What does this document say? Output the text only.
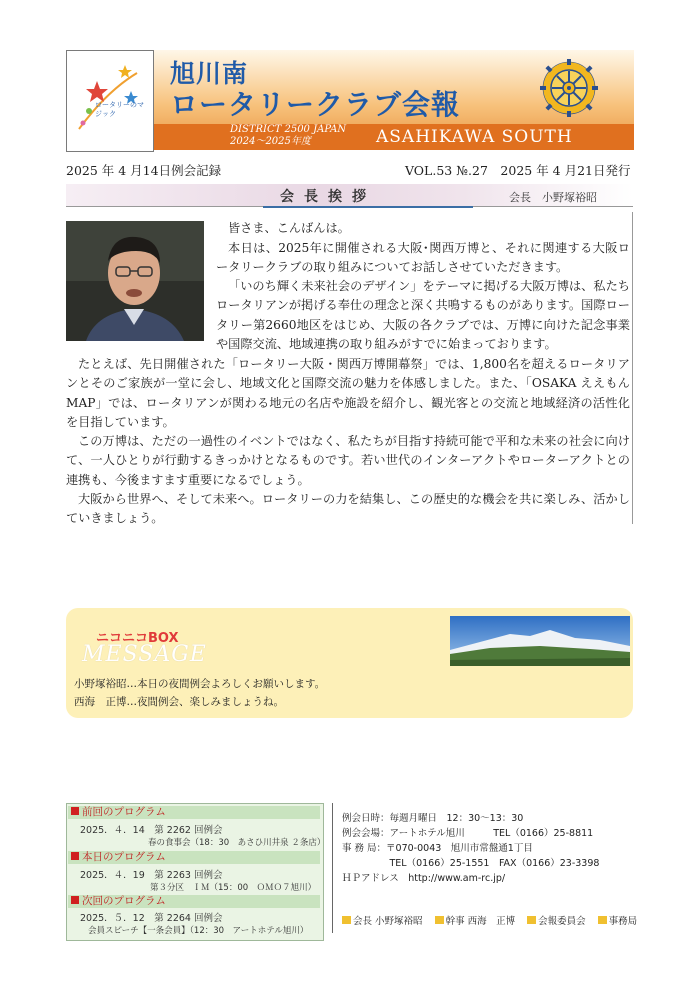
ロータリーのマジック
旭川南
ロータリークラブ会報
DISTRICT 2500 JAPAN
2024～2025年度	ASAHIKAWA SOUTH
2025 年 4 月14日例会記録	VOL.53 №.27　2025 年 4 月21日発行
会長挨拶	会長　小野塚裕昭

皆さま、こんばんは。

本日は、2025年に開催される大阪･関西万博と、それに関連する大阪ロータリークラブの取り組みについてお話しさせていただきます。

「いのち輝く未来社会のデザイン」をテーマに掲げる大阪万博は、私たちロータリアンが掲げる奉仕の理念と深く共鳴するものがあります。国際ロータリー第2660地区をはじめ、大阪の各クラブでは、万博に向けた記念事業や国際交流、地域連携の取り組みがすでに始まっております。

たとえば、先日開催された「ロータリー大阪・関西万博開幕祭」では、1,800名を超えるロータリアンとそのご家族が一堂に会し、地域文化と国際交流の魅力を体感しました。また、「OSAKA ええもん MAP」では、ロータリアンが関わる地元の名店や施設を紹介し、観光客との交流と地域経済の活性化を目指しています。

この万博は、ただの一過性のイベントではなく、私たちが目指す持続可能で平和な未来の社会に向けて、一人ひとりが行動するきっかけとなるものです。若い世代のインターアクトやローターアクトとの連携も、今後ますます重要になるでしょう。

大阪から世界へ、そして未来へ。ロータリーの力を結集し、この歴史的な機会を共に楽しみ、活かしていきましょう。

ニコニコBOX
MESSAGE
小野塚裕昭…本日の夜間例会よろしくお願いします。
西海　正博…夜間例会、楽しみましょうね。
前回のプログラム
2025．４．14　第 2262 回例会
春の食事会（18：30　あさひ川井泉 ２条店）
本日のプログラム
2025．４．19　第 2263 回例会
第３分区　ＩＭ（15：00　ＯＭＯ７旭川）
次回のプログラム
2025．５．12　第 2264 回例会
会員スピーチ【一条会員】（12：30　アートホテル旭川）
例会日時：毎週月曜日　12：30～13：30
例会会場：アートホテル旭川　　　TEL（0166）25-8811
事 務 局：〒070-0043　旭川市常盤通1丁目
　　　　　TEL（0166）25-1551　FAX（0166）23-3398
ＨＰアドレス　http://www.am-rc.jp/
会長 小野塚裕昭 幹事 西海　正博 会報委員会 事務局
